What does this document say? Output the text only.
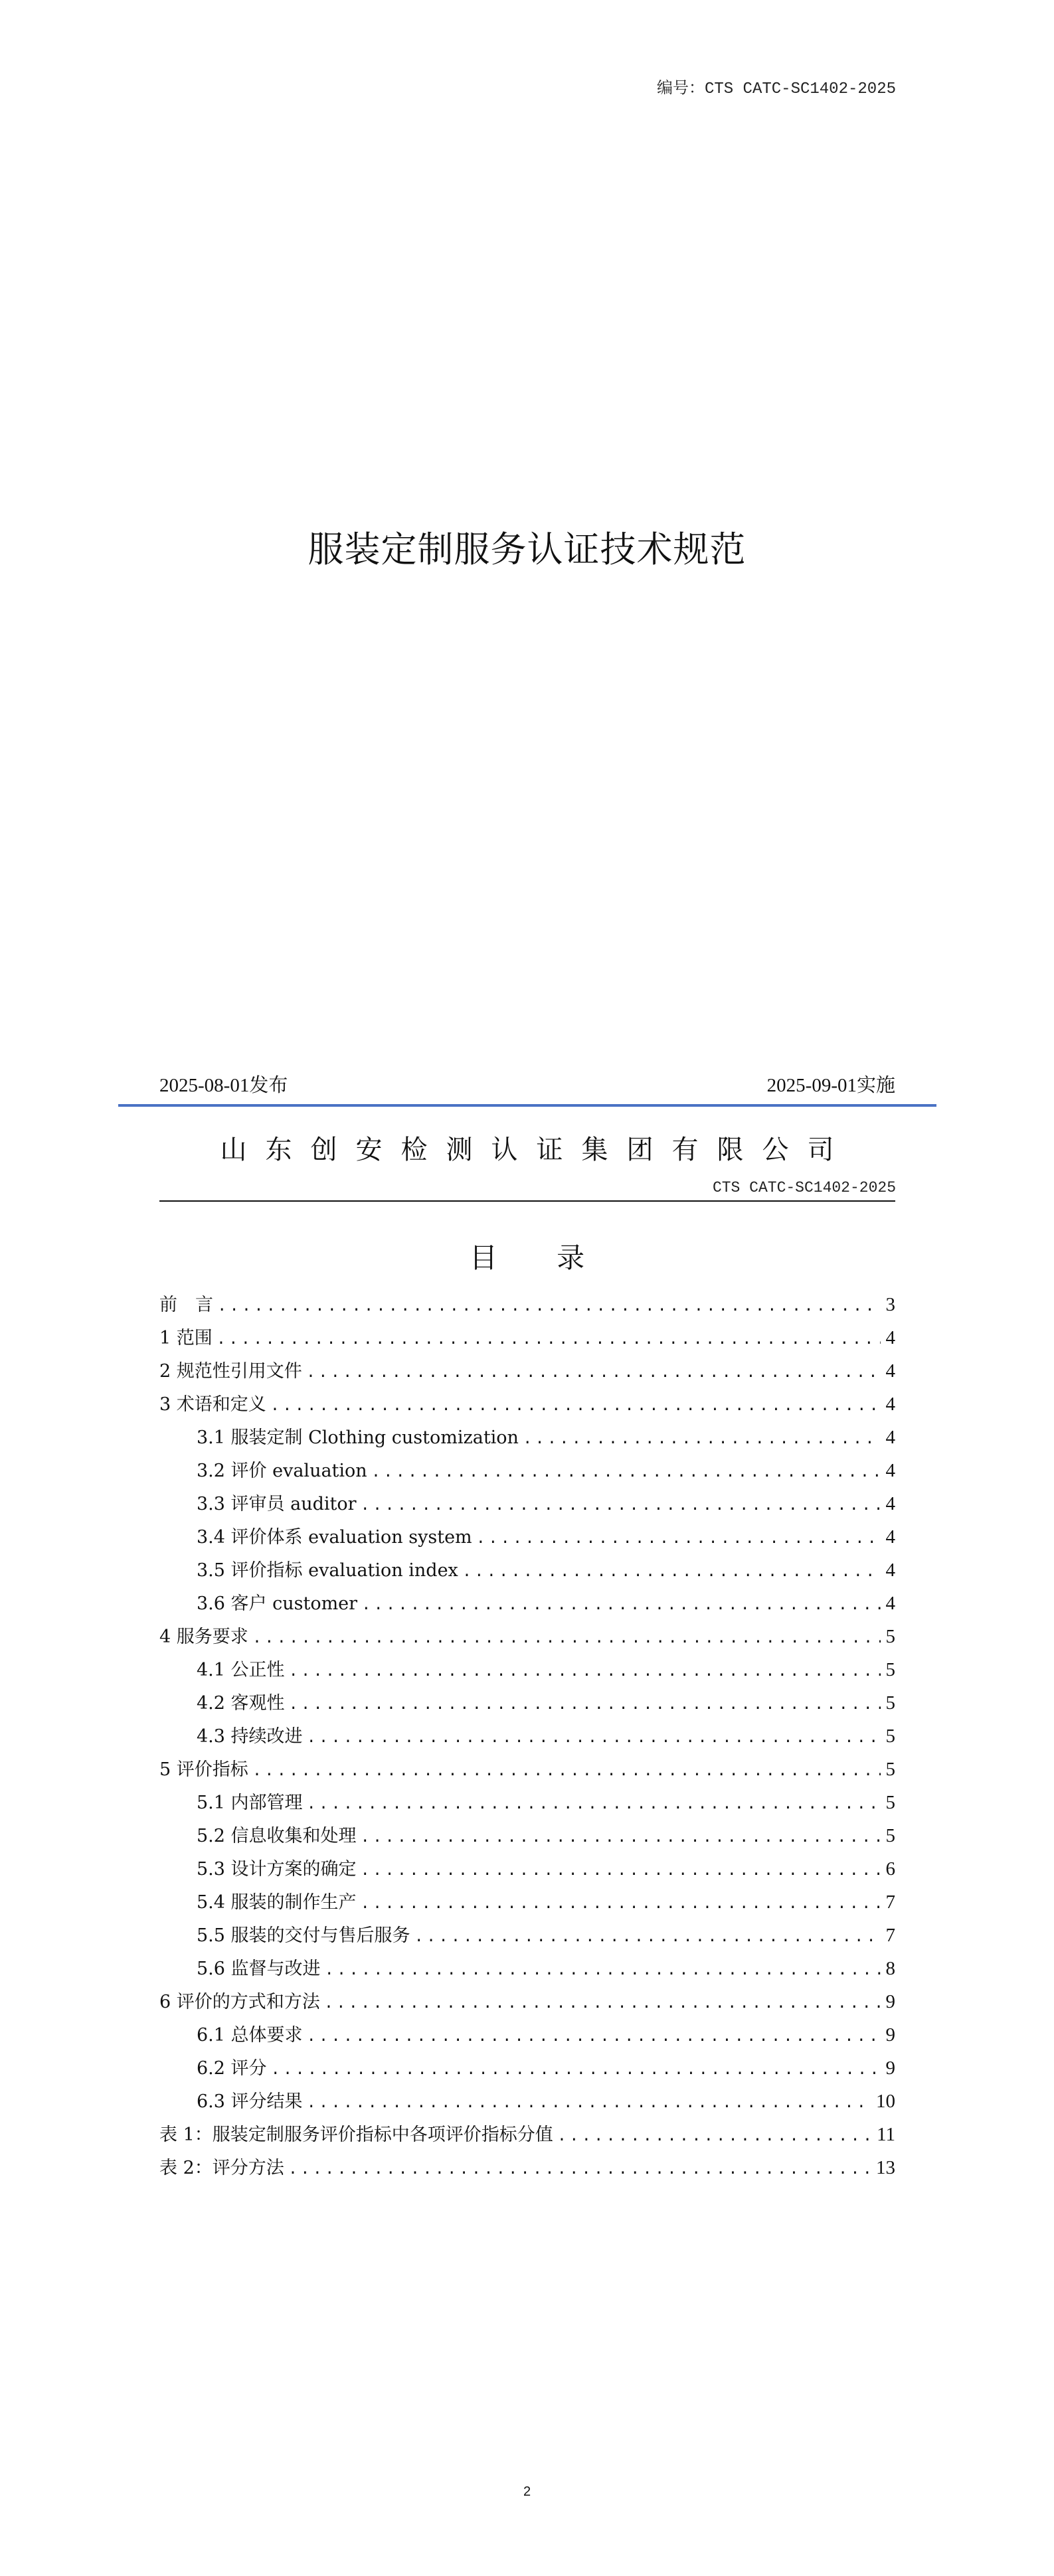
编号：CTS CATC-SC1402-2025
服装定制服务认证技术规范
2025-08-01发布	2025-09-01实施
山东创安检测认证集团有限公司
CTS CATC-SC1402-2025
目 录
前　言 .....	3
1 范围 .....	4
2 规范性引用文件 .....	4
3 术语和定义 .....	4
3.1 服装定制 Clothing customization .....	4
3.2 评价 evaluation .....	4
3.3 评审员 auditor .....	4
3.4 评价体系 evaluation system .....	4
3.5 评价指标 evaluation index .....	4
3.6 客户 customer .....	4
4 服务要求 .....	5
4.1 公正性 .....	5
4.2 客观性 .....	5
4.3 持续改进 .....	5
5 评价指标 .....	5
5.1 内部管理 .....	5
5.2 信息收集和处理 .....	5
5.3 设计方案的确定 .....	6
5.4 服装的制作生产 .....	7
5.5 服装的交付与售后服务 .....	7
5.6 监督与改进 .....	8
6 评价的方式和方法 .....	9
6.1 总体要求 .....	9
6.2 评分 .....	9
6.3 评分结果 .....	10
表 1：服装定制服务评价指标中各项评价指标分值 .....	11
表 2：评分方法 .....	13
2
